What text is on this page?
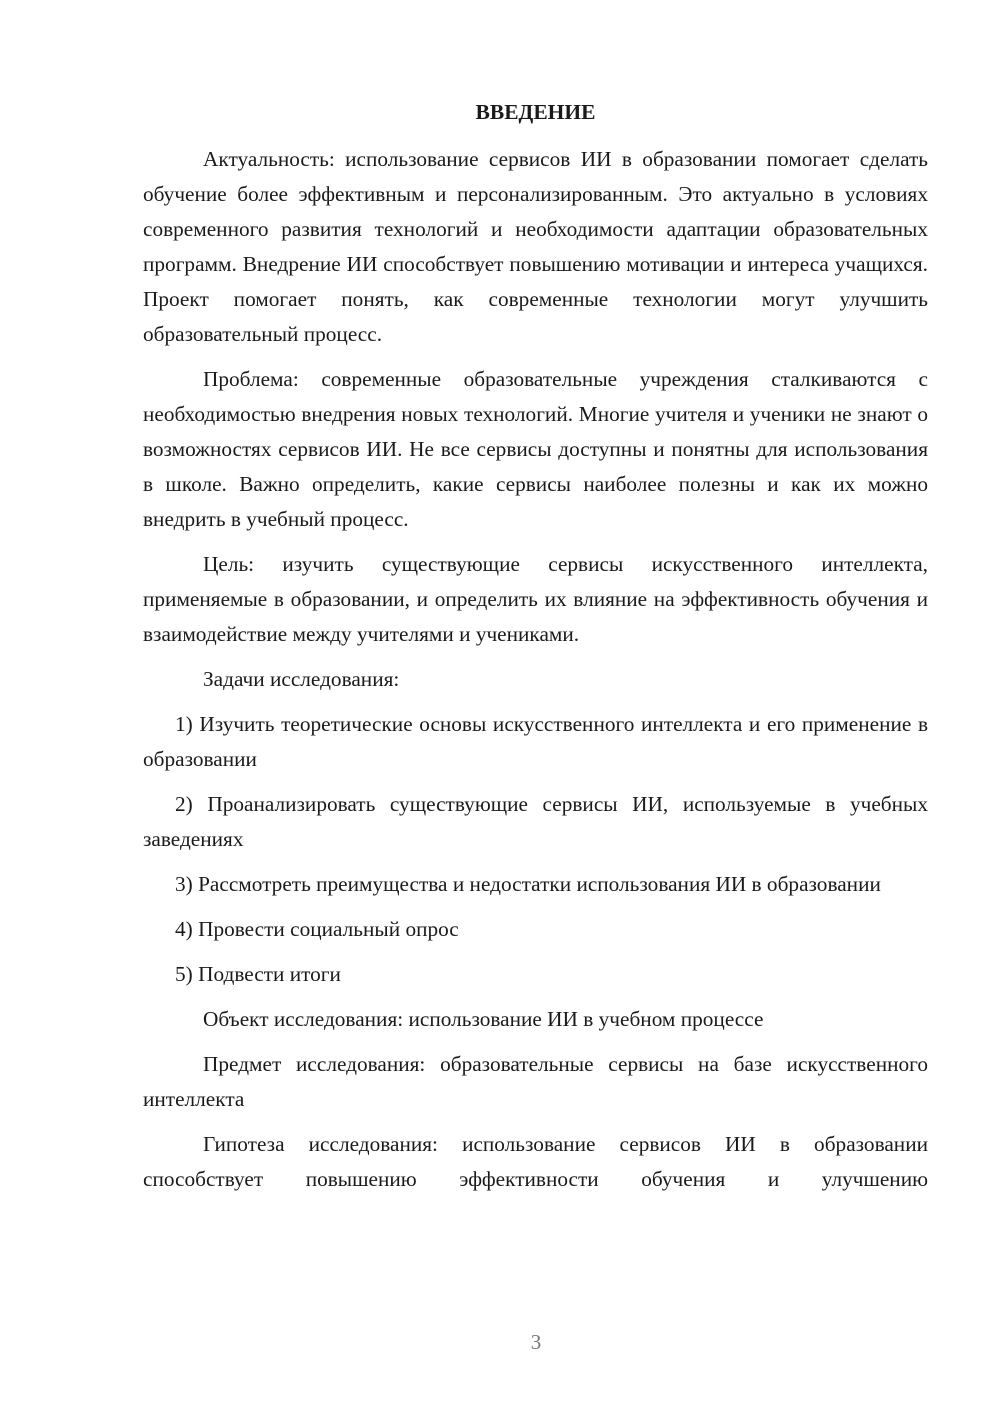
ВВЕДЕНИЕ

Актуальность: использование сервисов ИИ в образовании помогает сделать обучение более эффективным и персонализированным. Это актуально в условиях современного развития технологий и необходимости адаптации образовательных программ. Внедрение ИИ способствует повышению мотивации и интереса учащихся. Проект помогает понять, как современные технологии могут улучшить образовательный процесс.

Проблема: современные образовательные учреждения сталкиваются с необходимостью внедрения новых технологий. Многие учителя и ученики не знают о возможностях сервисов ИИ. Не все сервисы доступны и понятны для использования в школе. Важно определить, какие сервисы наиболее полезны и как их можно внедрить в учебный процесс.

Цель: изучить существующие сервисы искусственного интеллекта, применяемые в образовании, и определить их влияние на эффективность обучения и взаимодействие между учителями и учениками.

Задачи исследования:

1) Изучить теоретические основы искусственного интеллекта и его применение в образовании

2) Проанализировать существующие сервисы ИИ, используемые в учебных заведениях

3) Рассмотреть преимущества и недостатки использования ИИ в образовании

4) Провести социальный опрос

5) Подвести итоги

Объект исследования: использование ИИ в учебном процессе

Предмет исследования: образовательные сервисы на базе искусственного интеллекта

Гипотеза исследования: использование сервисов ИИ в образовании способствует повышению эффективности обучения и улучшению

3
